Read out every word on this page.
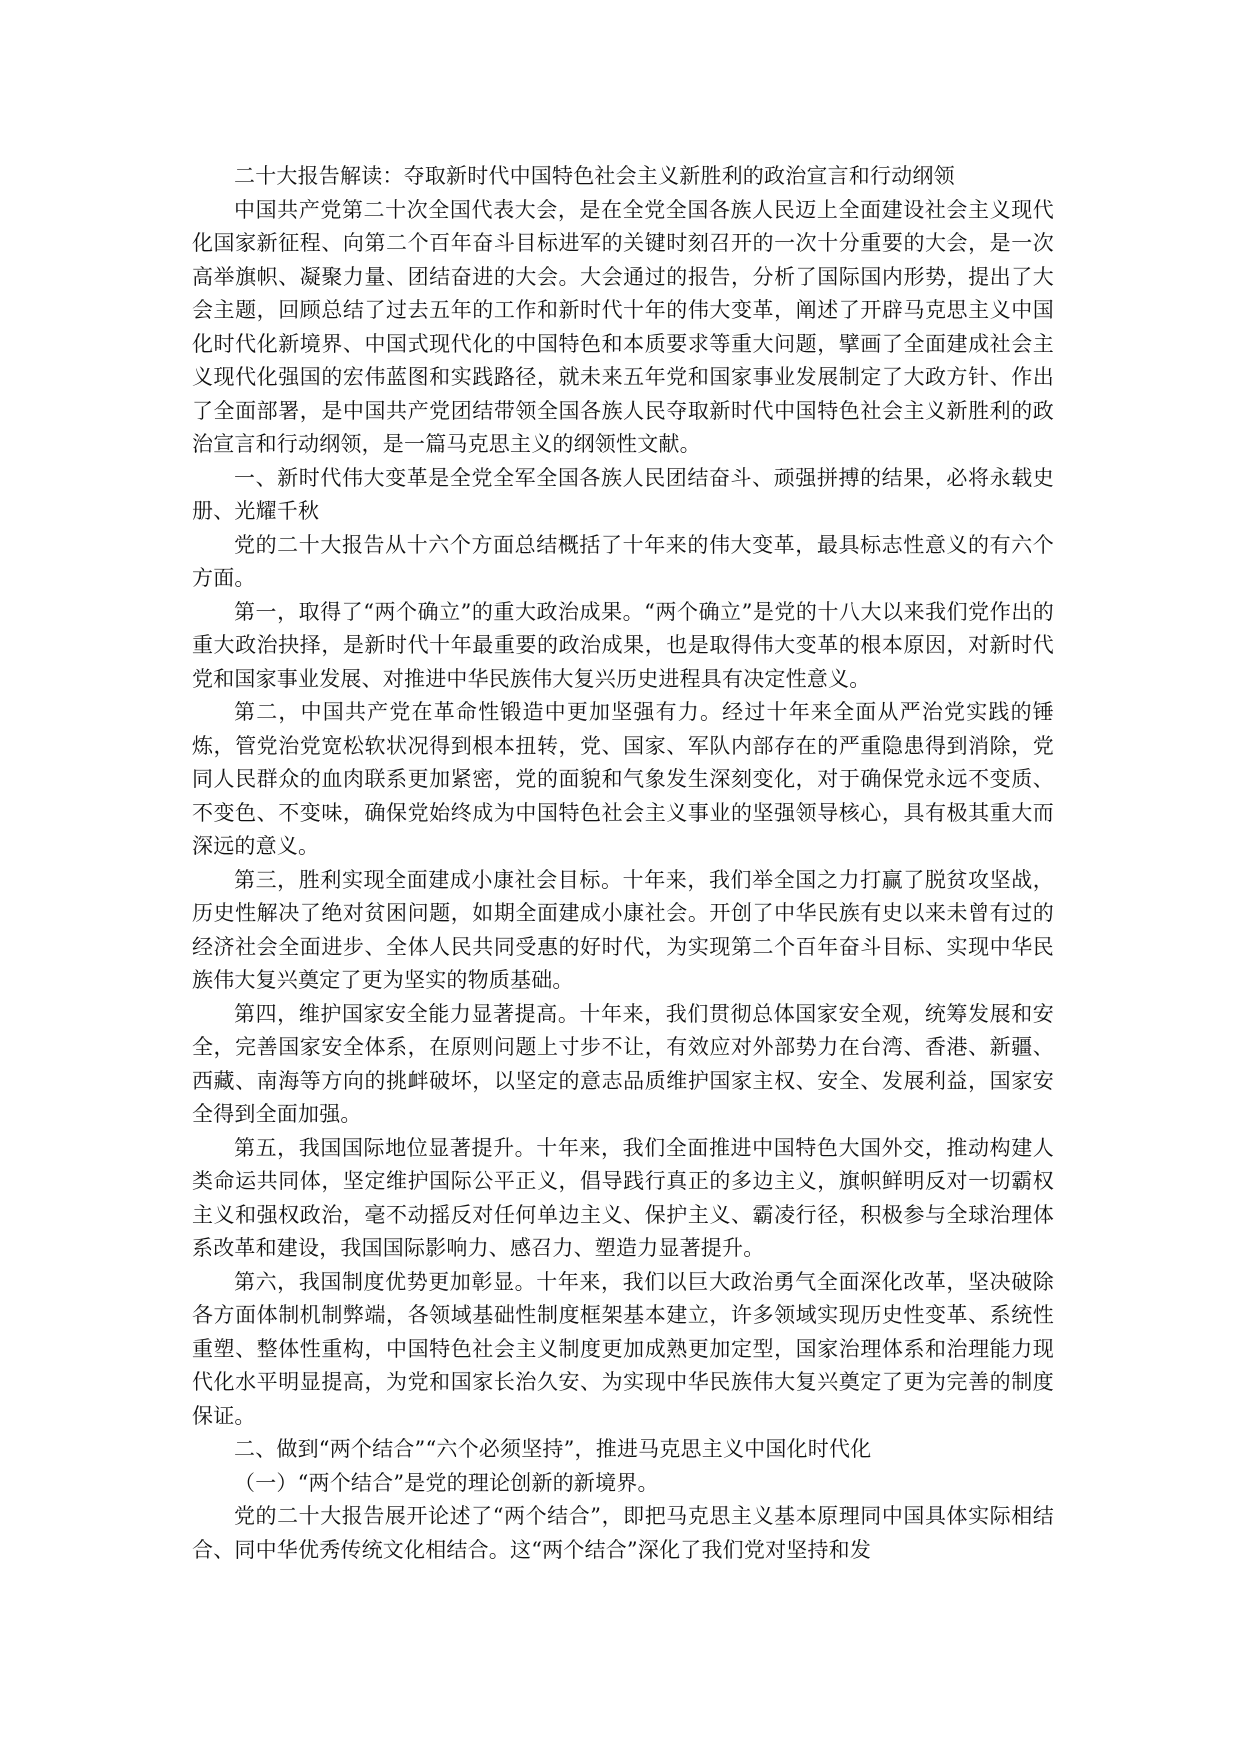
二十大报告解读：夺取新时代中国特色社会主义新胜利的政治宣言和行动纲领

中国共产党第二十次全国代表大会，是在全党全国各族人民迈上全面建设社会主义现代化国家新征程、向第二个百年奋斗目标进军的关键时刻召开的一次十分重要的大会，是一次高举旗帜、凝聚力量、团结奋进的大会。大会通过的报告，分析了国际国内形势，提出了大会主题，回顾总结了过去五年的工作和新时代十年的伟大变革，阐述了开辟马克思主义中国化时代化新境界、中国式现代化的中国特色和本质要求等重大问题，擘画了全面建成社会主义现代化强国的宏伟蓝图和实践路径，就未来五年党和国家事业发展制定了大政方针、作出了全面部署，是中国共产党团结带领全国各族人民夺取新时代中国特色社会主义新胜利的政治宣言和行动纲领，是一篇马克思主义的纲领性文献。

一、新时代伟大变革是全党全军全国各族人民团结奋斗、顽强拼搏的结果，必将永载史册、光耀千秋

党的二十大报告从十六个方面总结概括了十年来的伟大变革，最具标志性意义的有六个方面。

第一，取得了“两个确立”的重大政治成果。“两个确立”是党的十八大以来我们党作出的重大政治抉择，是新时代十年最重要的政治成果，也是取得伟大变革的根本原因，对新时代党和国家事业发展、对推进中华民族伟大复兴历史进程具有决定性意义。

第二，中国共产党在革命性锻造中更加坚强有力。经过十年来全面从严治党实践的锤炼，管党治党宽松软状况得到根本扭转，党、国家、军队内部存在的严重隐患得到消除，党同人民群众的血肉联系更加紧密，党的面貌和气象发生深刻变化，对于确保党永远不变质、不变色、不变味，确保党始终成为中国特色社会主义事业的坚强领导核心，具有极其重大而深远的意义。

第三，胜利实现全面建成小康社会目标。十年来，我们举全国之力打赢了脱贫攻坚战，历史性解决了绝对贫困问题，如期全面建成小康社会。开创了中华民族有史以来未曾有过的经济社会全面进步、全体人民共同受惠的好时代，为实现第二个百年奋斗目标、实现中华民族伟大复兴奠定了更为坚实的物质基础。

第四，维护国家安全能力显著提高。十年来，我们贯彻总体国家安全观，统筹发展和安全，完善国家安全体系，在原则问题上寸步不让，有效应对外部势力在台湾、香港、新疆、西藏、南海等方向的挑衅破坏，以坚定的意志品质维护国家主权、安全、发展利益，国家安全得到全面加强。

第五，我国国际地位显著提升。十年来，我们全面推进中国特色大国外交，推动构建人类命运共同体，坚定维护国际公平正义，倡导践行真正的多边主义，旗帜鲜明反对一切霸权主义和强权政治，毫不动摇反对任何单边主义、保护主义、霸凌行径，积极参与全球治理体系改革和建设，我国国际影响力、感召力、塑造力显著提升。

第六，我国制度优势更加彰显。十年来，我们以巨大政治勇气全面深化改革，坚决破除各方面体制机制弊端，各领域基础性制度框架基本建立，许多领域实现历史性变革、系统性重塑、整体性重构，中国特色社会主义制度更加成熟更加定型，国家治理体系和治理能力现代化水平明显提高，为党和国家长治久安、为实现中华民族伟大复兴奠定了更为完善的制度保证。

二、做到“两个结合”“六个必须坚持”，推进马克思主义中国化时代化

（一）“两个结合”是党的理论创新的新境界。

党的二十大报告展开论述了“两个结合”，即把马克思主义基本原理同中国具体实际相结合、同中华优秀传统文化相结合。这“两个结合”深化了我们党对坚持和发
